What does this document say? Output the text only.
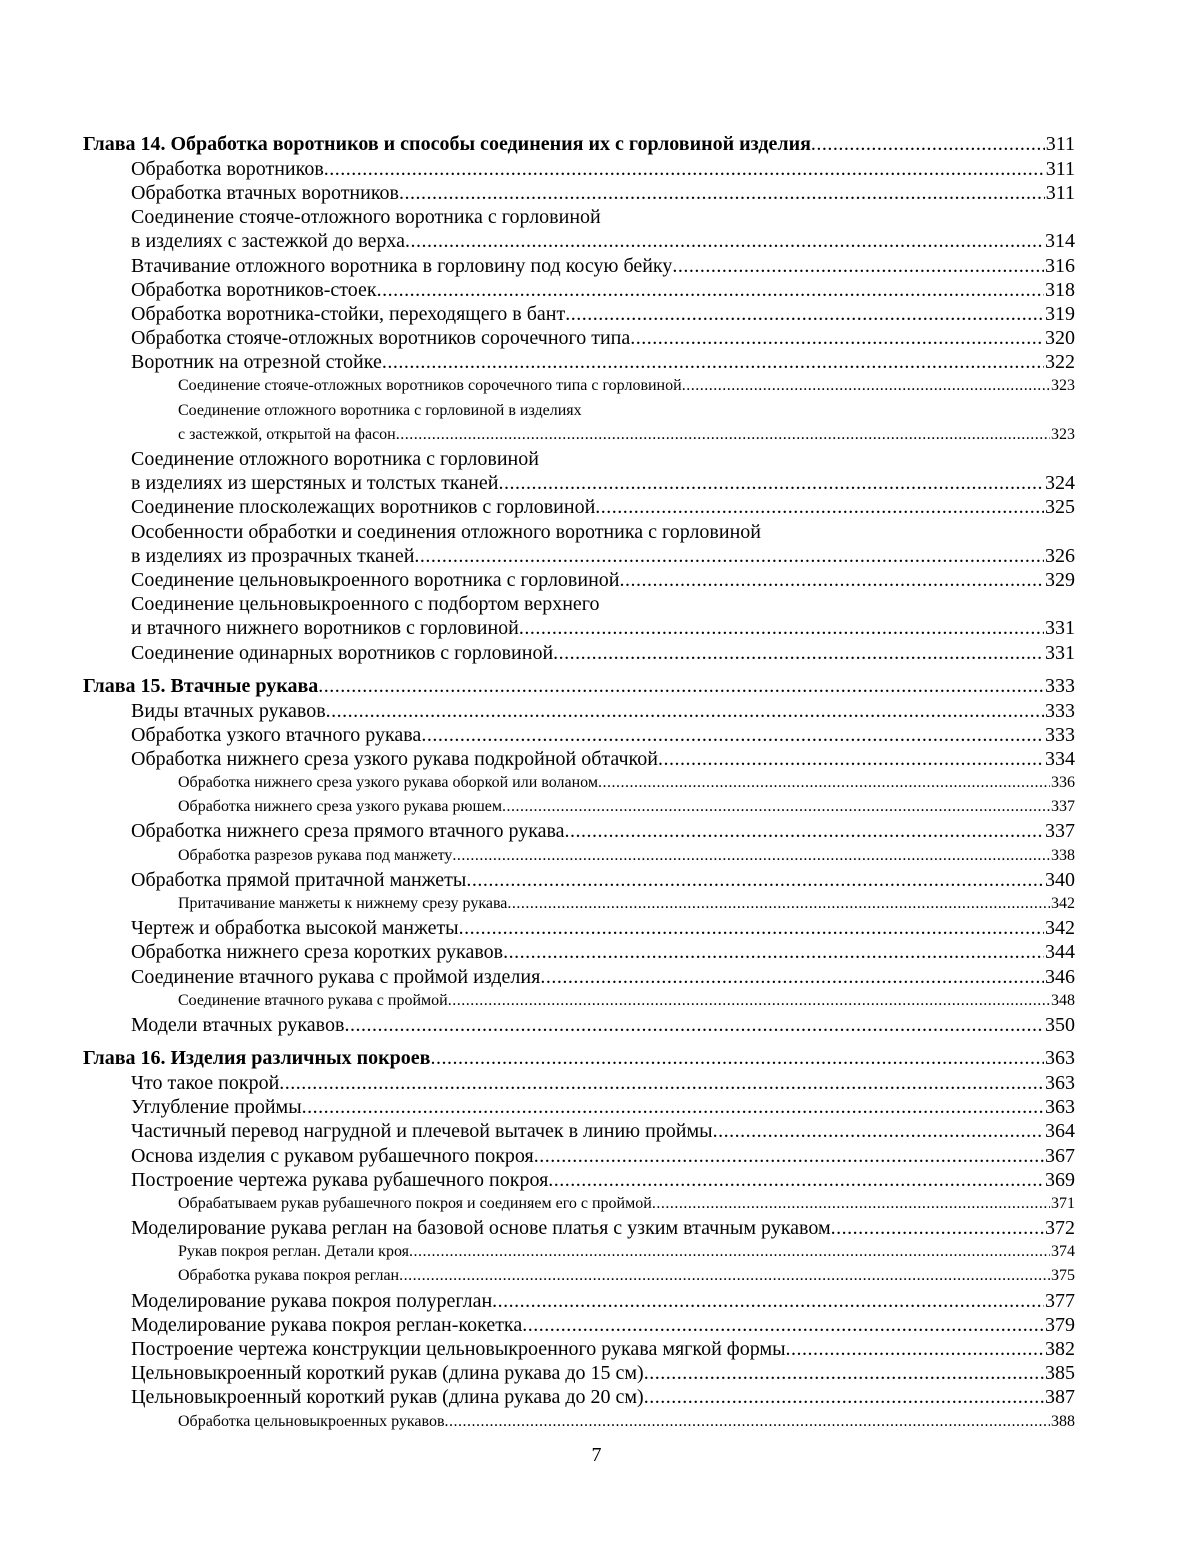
Глава 14. Обработка воротников и способы соединения их с горловиной изделия .....	311
Обработка воротников .....	311
Обработка втачных воротников .....	311
Соединение стояче-отложного воротника с горловиной
в изделиях с застежкой до верха .....	314
Втачивание отложного воротника в горловину под косую бейку .....	316
Обработка воротников-стоек .....	318
Обработка воротника-стойки, переходящего в бант .....	319
Обработка стояче-отложных воротников сорочечного типа .....	320
Воротник на отрезной стойке .....	322
Соединение стояче-отложных воротников сорочечного типа с горловиной .....	323
Соединение отложного воротника с горловиной в изделиях
с застежкой, открытой на фасон .....	323
Соединение отложного воротника с горловиной
в изделиях из шерстяных и толстых тканей .....	324
Соединение плосколежащих воротников с горловиной .....	325
Особенности обработки и соединения отложного воротника с горловиной
в изделиях из прозрачных тканей .....	326
Соединение цельновыкроенного воротника с горловиной .....	329
Соединение цельновыкроенного с подбортом верхнего
и втачного нижнего воротников с горловиной .....	331
Соединение одинарных воротников с горловиной .....	331
Глава 15. Втачные рукава .....	333
Виды втачных рукавов .....	333
Обработка узкого втачного рукава .....	333
Обработка нижнего среза узкого рукава подкройной обтачкой .....	334
Обработка нижнего среза узкого рукава оборкой или воланом .....	336
Обработка нижнего среза узкого рукава рюшем .....	337
Обработка нижнего среза прямого втачного рукава .....	337
Обработка разрезов рукава под манжету .....	338
Обработка прямой притачной манжеты .....	340
Притачивание манжеты к нижнему срезу рукава .....	342
Чертеж и обработка высокой манжеты .....	342
Обработка нижнего среза коротких рукавов .....	344
Соединение втачного рукава с проймой изделия .....	346
Соединение втачного рукава с проймой .....	348
Модели втачных рукавов .....	350
Глава 16. Изделия различных покроев .....	363
Что такое покрой .....	363
Углубление проймы .....	363
Частичный перевод нагрудной и плечевой вытачек в линию проймы .....	364
Основа изделия с рукавом рубашечного покроя .....	367
Построение чертежа рукава рубашечного покроя .....	369
Обрабатываем рукав рубашечного покроя и соединяем его с проймой .....	371
Моделирование рукава реглан на базовой основе платья с узким втачным рукавом .....	372
Рукав покроя реглан. Детали кроя .....	374
Обработка рукава покроя реглан .....	375
Моделирование рукава покроя полуреглан .....	377
Моделирование рукава покроя реглан-кокетка .....	379
Построение чертежа конструкции цельновыкроенного рукава мягкой формы .....	382
Цельновыкроенный короткий рукав (длина рукава до 15 см) .....	385
Цельновыкроенный короткий рукав (длина рукава до 20 см) .....	387
Обработка цельновыкроенных рукавов .....	388
7
